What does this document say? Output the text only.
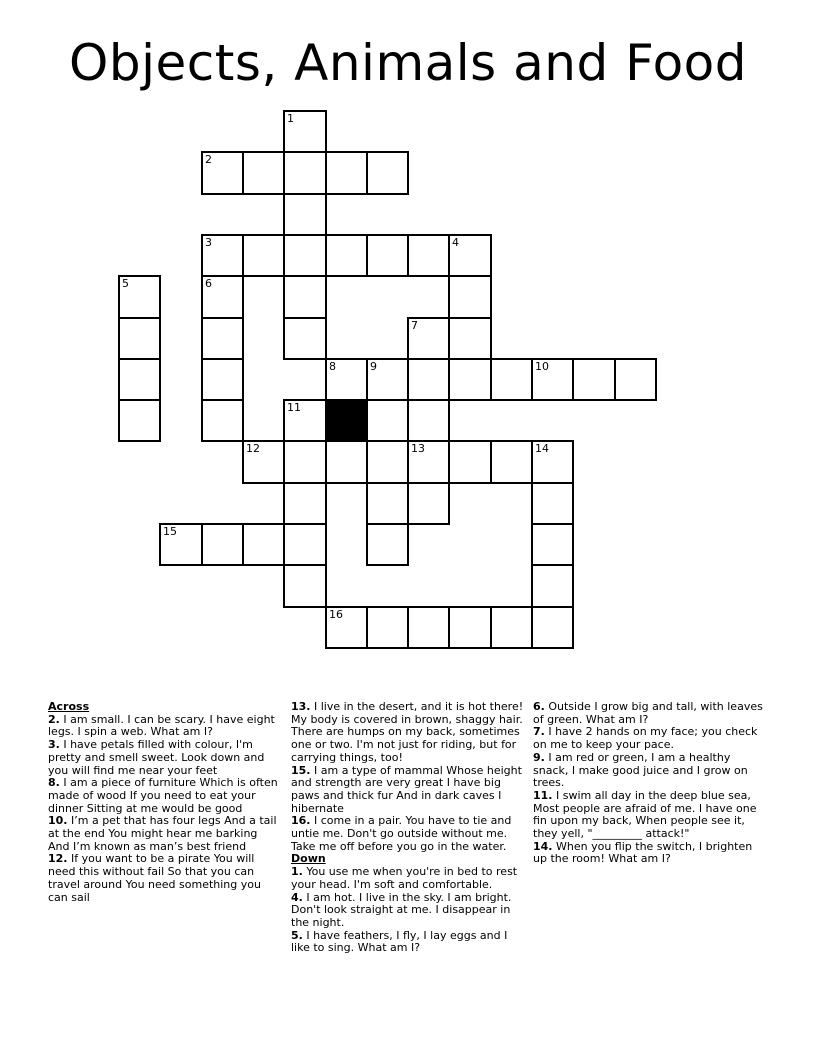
Objects, Animals and Food
1
2
3	4
5	6
7
13
8	9	10
11
12	14
15
16
Across
2. I am small. I can be scary. I have eight legs. I spin a web. What am I?
3. I have petals filled with colour, I'm pretty and smell sweet. Look down and you will find me near your feet
8. I am a piece of furniture Which is often made of wood If you need to eat your dinner Sitting at me would be good
10. I’m a pet that has four legs And a tail at the end You might hear me barking And I’m known as man’s best friend
12. If you want to be a pirate You will need this without fail So that you can travel around You need something you can sail
13. I live in the desert, and it is hot there! My body is covered in brown, shaggy hair. There are humps on my back, sometimes one or two. I'm not just for riding, but for carrying things, too!
15. I am a type of mammal Whose height and strength are very great I have big paws and thick fur And in dark caves I hibernate
16. I come in a pair. You have to tie and untie me. Don't go outside without me. Take me off before you go in the water.
Down
1. You use me when you're in bed to rest your head. I'm soft and comfortable.
4. I am hot. I live in the sky. I am bright. Don't look straight at me. I disappear in the night.
5. I have feathers, I fly, I lay eggs and I like to sing. What am I?
6. Outside I grow big and tall, with leaves of green. What am I?
7. I have 2 hands on my face; you check on me to keep your pace.
9. I am red or green, I am a healthy snack, I make good juice and I grow on trees.
11. I swim all day in the deep blue sea, Most people are afraid of me. I have one fin upon my back, When people see it, they yell, "_________ attack!"
14. When you flip the switch, I brighten up the room! What am I?
